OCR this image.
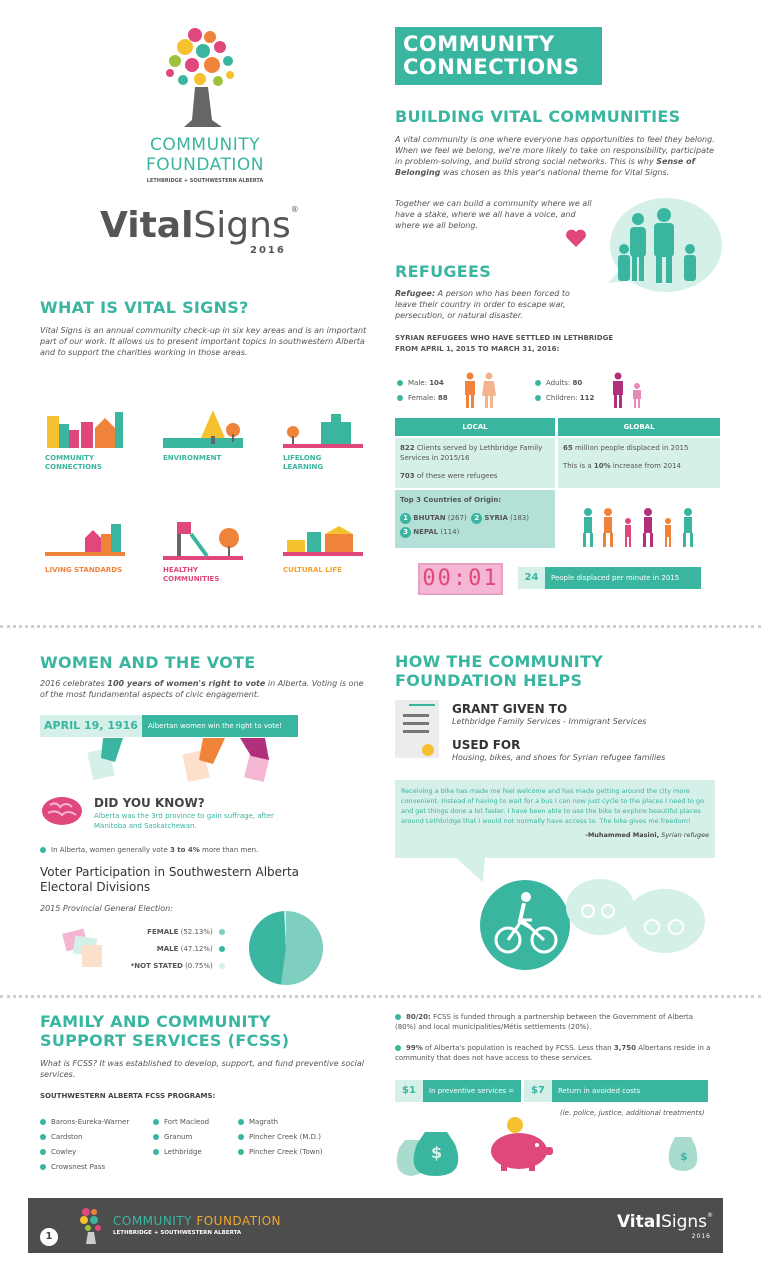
COMMUNITY
FOUNDATION
LETHBRIDGE + SOUTHWESTERN ALBERTA
VitalSigns®
2016
WHAT IS VITAL SIGNS?
Vital Signs is an annual community check-up in six key areas and is an important part of our work. It allows us to present important topics in southwestern Alberta and to support the charities working in those areas.
COMMUNITY CONNECTIONS
ENVIRONMENT	LIFELONG LEARNING
LIVING STANDARDS	HEALTHY COMMUNITIES
CULTURAL LIFE
COMMUNITY
CONNECTIONS
BUILDING VITAL COMMUNITIES
A vital community is one where everyone has opportunities to feel they belong. When we feel we belong, we're more likely to take on responsibility, participate in problem-solving, and build strong social networks. This is why Sense of Belonging was chosen as this year's national theme for Vital Signs.
Together we can build a community where we all have a stake, where we all have a voice, and where we all belong.
REFUGEES
Refugee: A person who has been forced to leave their country in order to escape war, persecution, or natural disaster.
SYRIAN REFUGEES WHO HAVE SETTLED IN LETHBRIDGE FROM APRIL 1, 2015 TO MARCH 31, 2016:
Male: 104
Female: 88
Adults: 80
Children: 112
LOCAL	GLOBAL
822 Clients served by Lethbridge Family Services in 2015/16
703 of these were refugees
65 million people displaced in 2015
This is a 10% increase from 2014
Top 3 Countries of Origin:
1 BHUTAN (267) 2 SYRIA (183)
3 NEPAL (114)
00:01	24	People displaced per minute in 2015
WOMEN AND THE VOTE
2016 celebrates 100 years of women's right to vote in Alberta. Voting is one of the most fundamental aspects of civic engagement.
APRIL 19, 1916	Albertan women win the right to vote!
DID YOU KNOW?
Alberta was the 3rd province to gain suffrage, after Manitoba and Saskatchewan.
In Alberta, women generally vote 3 to 4% more than men.
Voter Participation in Southwestern Alberta Electoral Divisions
2015 Provincial General Election:
FEMALE (52.13%)
MALE (47.12%)
*NOT STATED (0.75%)
HOW THE COMMUNITY
FOUNDATION HELPS
GRANT GIVEN TO
Lethbridge Family Services - Immigrant Services
USED FOR
Housing, bikes, and shoes for Syrian refugee families
Receiving a bike has made me feel welcome and has made getting around the city more convenient. Instead of having to wait for a bus I can now just cycle to the places I need to go and get things done a lot faster. I have been able to use the bike to explore beautiful places around Lethbridge that I would not normally have access to. The bike gives me freedom!
-Muhammed Masini, Syrian refugee
FAMILY AND COMMUNITY
SUPPORT SERVICES (FCSS)
What is FCSS? It was established to develop, support, and fund preventive social services.
SOUTHWESTERN ALBERTA FCSS PROGRAMS:
Barons-Eureka-Warner
Cardston
Cowley
Crowsnest Pass
Fort Macleod
Granum
Lethbridge
Magrath
Pincher Creek (M.D.)
Pincher Creek (Town)
80/20: FCSS is funded through a partnership between the Government of Alberta (80%) and local municipalities/Métis settlements (20%).
99% of Alberta's population is reached by FCSS. Less than 3,750 Albertans reside in a community that does not have access to these services.
$1	In preventive services =	$7	Return in avoided costs
(ie. police, justice, additional treatments)
$	$
1
COMMUNITY FOUNDATION
LETHBRIDGE + SOUTHWESTERN ALBERTA
VitalSigns®
2016
